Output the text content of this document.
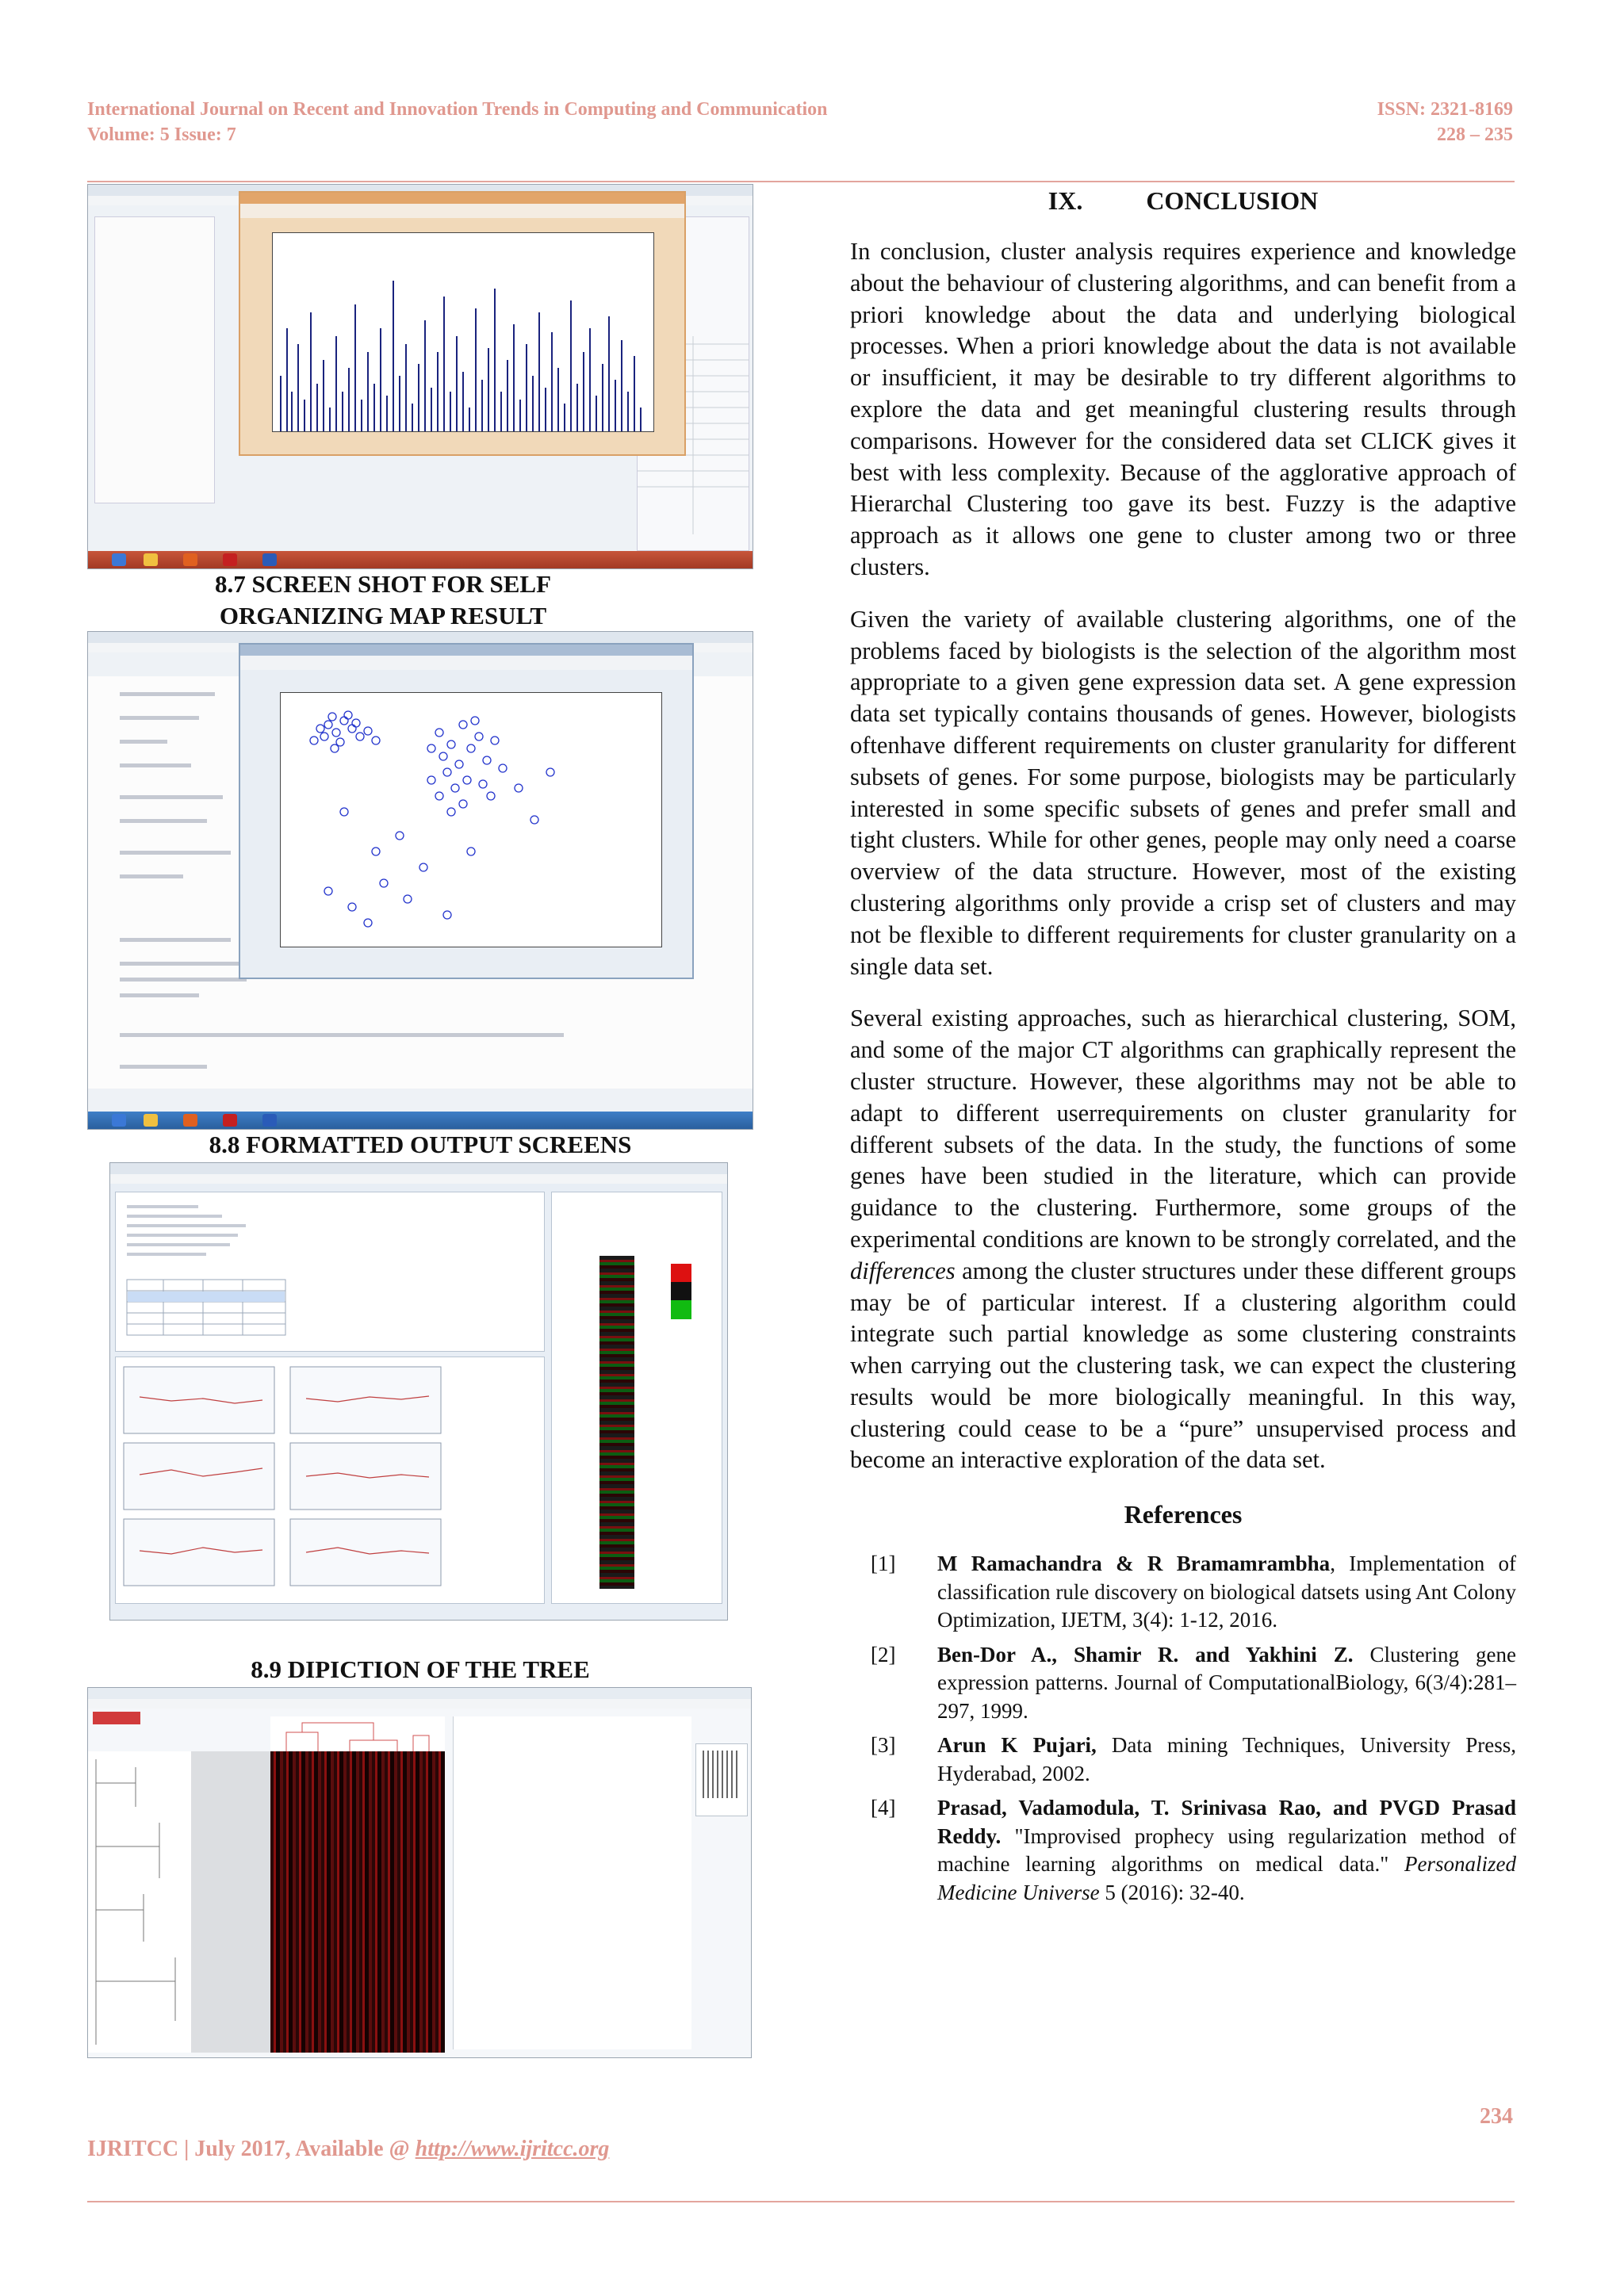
International Journal on Recent and Innovation Trends in Computing and Communication
Volume: 5 Issue: 7
ISSN: 2321-8169
228 – 235
8.7 SCREEN SHOT FOR SELF
ORGANIZING MAP RESULT
8.8 FORMATTED OUTPUT SCREENS
8.9 DIPICTION OF THE TREE
IX.	CONCLUSION

In conclusion, cluster analysis requires experience and knowledge about the behaviour of clustering algorithms, and can benefit from a priori knowledge about the data and underlying biological processes. When a priori knowledge about the data is not available or insufficient, it may be desirable to try different algorithms to explore the data and get meaningful clustering results through comparisons. However for the considered data set CLICK gives it best with less complexity. Because of the agglorative approach of Hierarchal Clustering too gave its best. Fuzzy is the adaptive approach as it allows one gene to cluster among two or three clusters.

Given the variety of available clustering algorithms, one of the problems faced by biologists is the selection of the algorithm most appropriate to a given gene expression data set. A gene expression data set typically contains thousands of genes. However, biologists oftenhave different requirements on cluster granularity for different subsets of genes. For some purpose, biologists may be particularly interested in some specific subsets of genes and prefer small and tight clusters. While for other genes, people may only need a coarse overview of the data structure. However, most of the existing clustering algorithms only provide a crisp set of clusters and may not be flexible to different requirements for cluster granularity on a single data set.

Several existing approaches, such as hierarchical clustering, SOM, and some of the major CT algorithms can graphically represent the cluster structure. However, these algorithms may not be able to adapt to different userrequirements on cluster granularity for different subsets of the data. In the study, the functions of some genes have been studied in the literature, which can provide guidance to the clustering. Furthermore, some groups of the experimental conditions are known to be strongly correlated, and the differences among the cluster structures under these different groups may be of particular interest. If a clustering algorithm could integrate such partial knowledge as some clustering constraints when carrying out the clustering task, we can expect the clustering results would be more biologically meaningful. In this way, clustering could cease to be a “pure” unsupervised process and become an interactive exploration of the data set.

References
[1]	M Ramachandra & R Bramamrambha, Implementation of classification rule discovery on biological datsets using Ant Colony Optimization, IJETM, 3(4): 1-12, 2016.
[2]	Ben-Dor A., Shamir R. and Yakhini Z. Clustering gene expression patterns. Journal of ComputationalBiology, 6(3/4):281–297, 1999.
[3]	Arun K Pujari, Data mining Techniques, University Press, Hyderabad, 2002.
[4]	Prasad, Vadamodula, T. Srinivasa Rao, and PVGD Prasad Reddy. "Improvised prophecy using regularization method of machine learning algorithms on medical data." Personalized Medicine Universe 5 (2016): 32-40.
234
IJRITCC | July 2017, Available @ http://www.ijritcc.org
